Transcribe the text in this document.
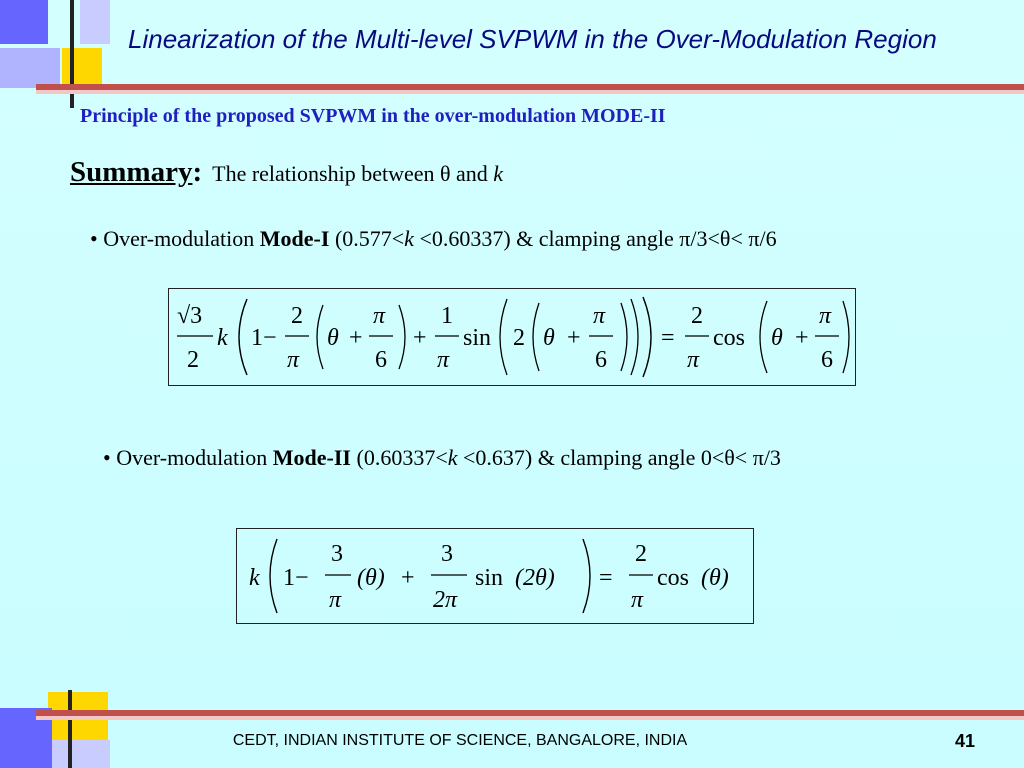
Linearization of the Multi-level SVPWM in the Over-Modulation Region
Principle of the proposed SVPWM in the over-modulation MODE-II
Summary: The relationship between θ and k
• Over-modulation Mode-I (0.577<k <0.60337) & clamping angle π/3<θ< π/6
√3
2
k 1−
2
π
θ +
π
6
+
1
π
sin 2 θ +
π
6
=
2
π
cos θ +
π
6
• Over-modulation Mode-II (0.60337<k <0.637) & clamping angle 0<θ< π/3
k 1−
3
π
(θ) +
3
2π
sin (2θ) =
2
π
cos (θ)
CEDT, INDIAN INSTITUTE OF SCIENCE, BANGALORE, INDIA	41
